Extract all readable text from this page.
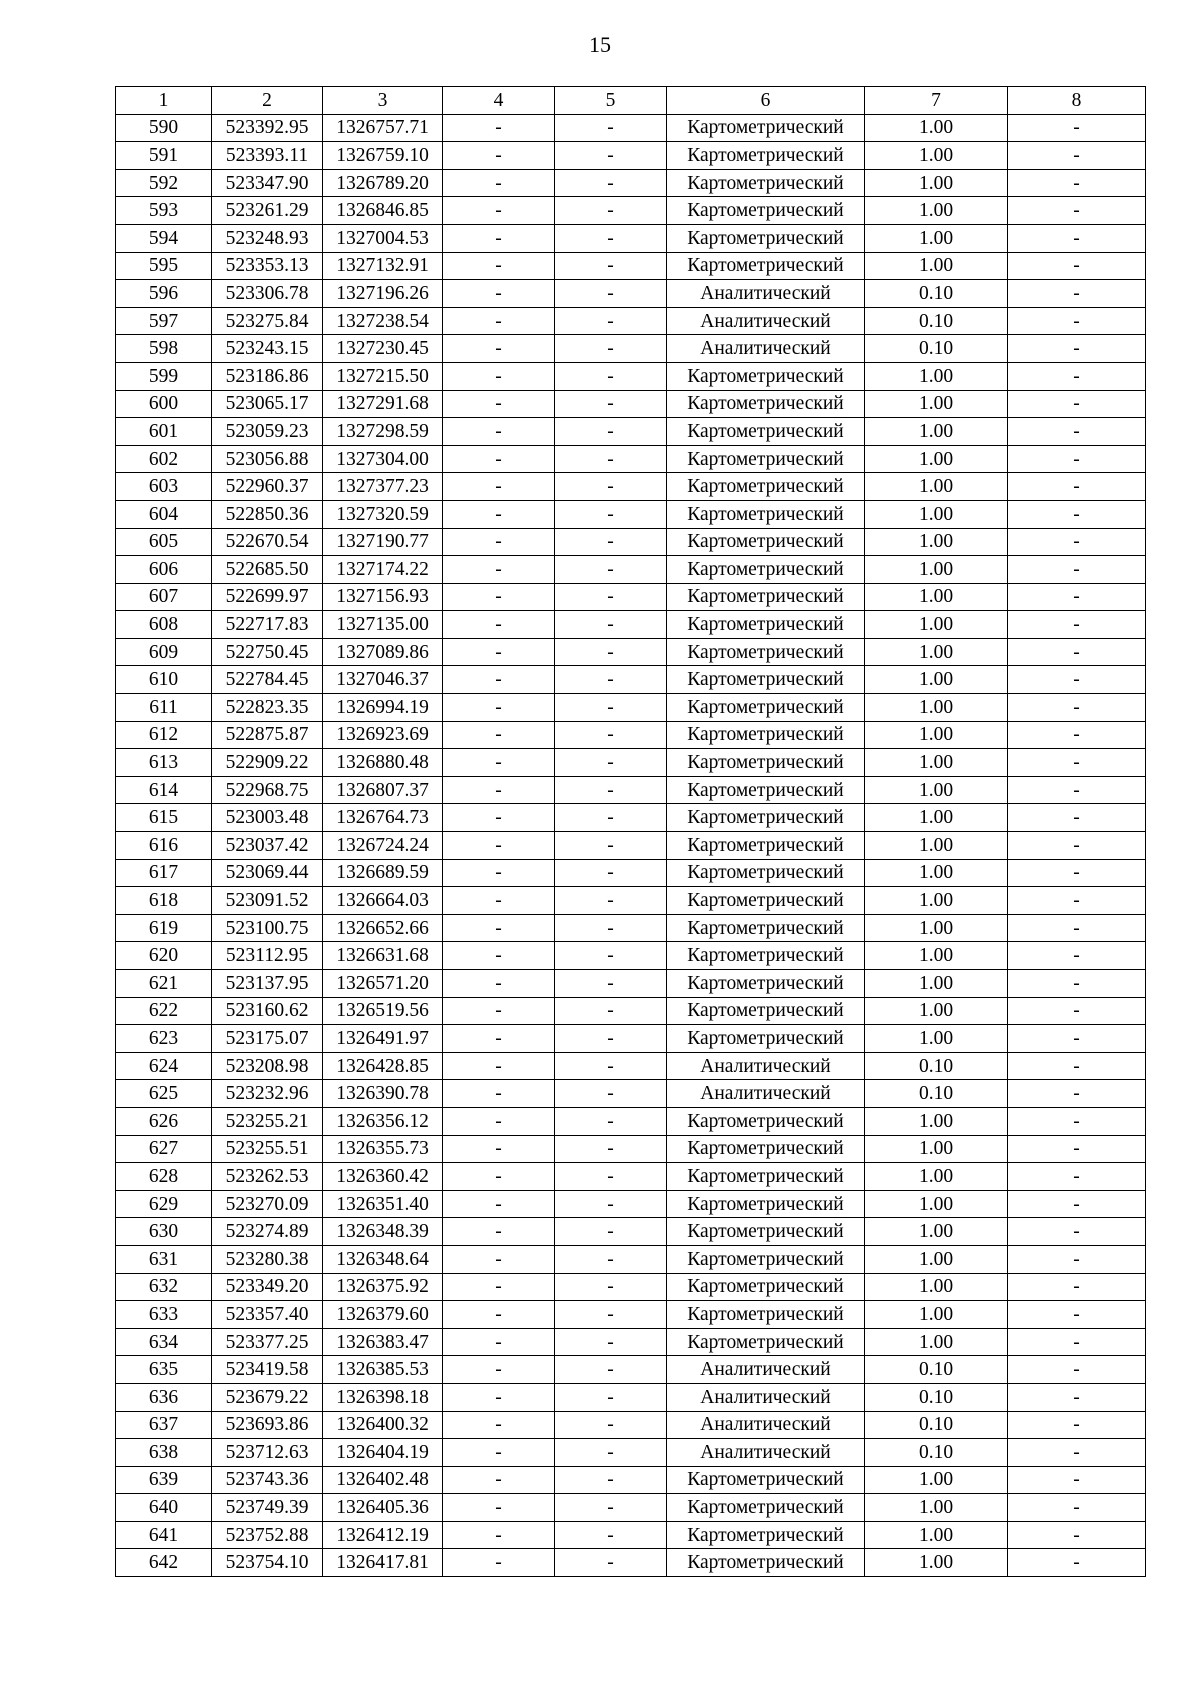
15
1	2	3	4	5	6	7	8
590	523392.95	1326757.71	-	-	Картометрический	1.00	-
591	523393.11	1326759.10	-	-	Картометрический	1.00	-
592	523347.90	1326789.20	-	-	Картометрический	1.00	-
593	523261.29	1326846.85	-	-	Картометрический	1.00	-
594	523248.93	1327004.53	-	-	Картометрический	1.00	-
595	523353.13	1327132.91	-	-	Картометрический	1.00	-
596	523306.78	1327196.26	-	-	Аналитический	0.10	-
597	523275.84	1327238.54	-	-	Аналитический	0.10	-
598	523243.15	1327230.45	-	-	Аналитический	0.10	-
599	523186.86	1327215.50	-	-	Картометрический	1.00	-
600	523065.17	1327291.68	-	-	Картометрический	1.00	-
601	523059.23	1327298.59	-	-	Картометрический	1.00	-
602	523056.88	1327304.00	-	-	Картометрический	1.00	-
603	522960.37	1327377.23	-	-	Картометрический	1.00	-
604	522850.36	1327320.59	-	-	Картометрический	1.00	-
605	522670.54	1327190.77	-	-	Картометрический	1.00	-
606	522685.50	1327174.22	-	-	Картометрический	1.00	-
607	522699.97	1327156.93	-	-	Картометрический	1.00	-
608	522717.83	1327135.00	-	-	Картометрический	1.00	-
609	522750.45	1327089.86	-	-	Картометрический	1.00	-
610	522784.45	1327046.37	-	-	Картометрический	1.00	-
611	522823.35	1326994.19	-	-	Картометрический	1.00	-
612	522875.87	1326923.69	-	-	Картометрический	1.00	-
613	522909.22	1326880.48	-	-	Картометрический	1.00	-
614	522968.75	1326807.37	-	-	Картометрический	1.00	-
615	523003.48	1326764.73	-	-	Картометрический	1.00	-
616	523037.42	1326724.24	-	-	Картометрический	1.00	-
617	523069.44	1326689.59	-	-	Картометрический	1.00	-
618	523091.52	1326664.03	-	-	Картометрический	1.00	-
619	523100.75	1326652.66	-	-	Картометрический	1.00	-
620	523112.95	1326631.68	-	-	Картометрический	1.00	-
621	523137.95	1326571.20	-	-	Картометрический	1.00	-
622	523160.62	1326519.56	-	-	Картометрический	1.00	-
623	523175.07	1326491.97	-	-	Картометрический	1.00	-
624	523208.98	1326428.85	-	-	Аналитический	0.10	-
625	523232.96	1326390.78	-	-	Аналитический	0.10	-
626	523255.21	1326356.12	-	-	Картометрический	1.00	-
627	523255.51	1326355.73	-	-	Картометрический	1.00	-
628	523262.53	1326360.42	-	-	Картометрический	1.00	-
629	523270.09	1326351.40	-	-	Картометрический	1.00	-
630	523274.89	1326348.39	-	-	Картометрический	1.00	-
631	523280.38	1326348.64	-	-	Картометрический	1.00	-
632	523349.20	1326375.92	-	-	Картометрический	1.00	-
633	523357.40	1326379.60	-	-	Картометрический	1.00	-
634	523377.25	1326383.47	-	-	Картометрический	1.00	-
635	523419.58	1326385.53	-	-	Аналитический	0.10	-
636	523679.22	1326398.18	-	-	Аналитический	0.10	-
637	523693.86	1326400.32	-	-	Аналитический	0.10	-
638	523712.63	1326404.19	-	-	Аналитический	0.10	-
639	523743.36	1326402.48	-	-	Картометрический	1.00	-
640	523749.39	1326405.36	-	-	Картометрический	1.00	-
641	523752.88	1326412.19	-	-	Картометрический	1.00	-
642	523754.10	1326417.81	-	-	Картометрический	1.00	-
